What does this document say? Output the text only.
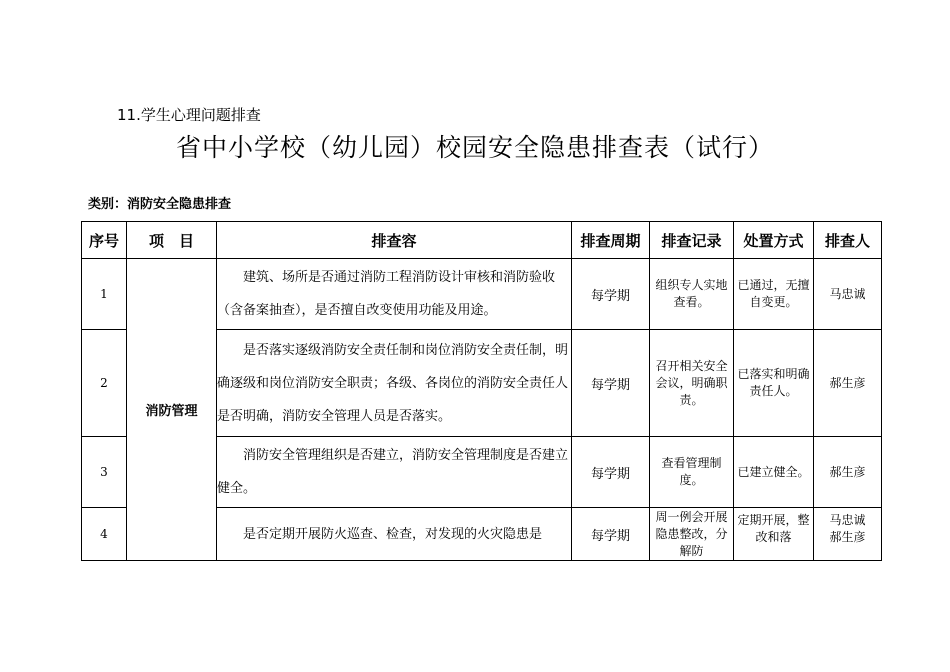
11.学生心理问题排查
省中小学校（幼儿园）校园安全隐患排查表（试行）
类别：消防安全隐患排查
序号	项　目	排查容	排查周期	排查记录	处置方式	排查人
1	消防管理	建筑、场所是否通过消防工程消防设计审核和消防验收（含备案抽查），是否擅自改变使用功能及用途。	每学期	组织专人实地查看。	已通过，无擅自变更。	马忠诚
2		是否落实逐级消防安全责任制和岗位消防安全责任制，明确逐级和岗位消防安全职责；各级、各岗位的消防安全责任人是否明确，消防安全管理人员是否落实。	每学期	召开相关安全会议，明确职责。	已落实和明确责任人。	郝生彦
3		消防安全管理组织是否建立，消防安全管理制度是否建立健全。	每学期	查看管理制度。	已建立健全。	郝生彦
4		是否定期开展防火巡查、检查，对发现的火灾隐患是	每学期	周一例会开展隐患整改，分解防	定期开展，整改和落	马忠诚郝生彦
